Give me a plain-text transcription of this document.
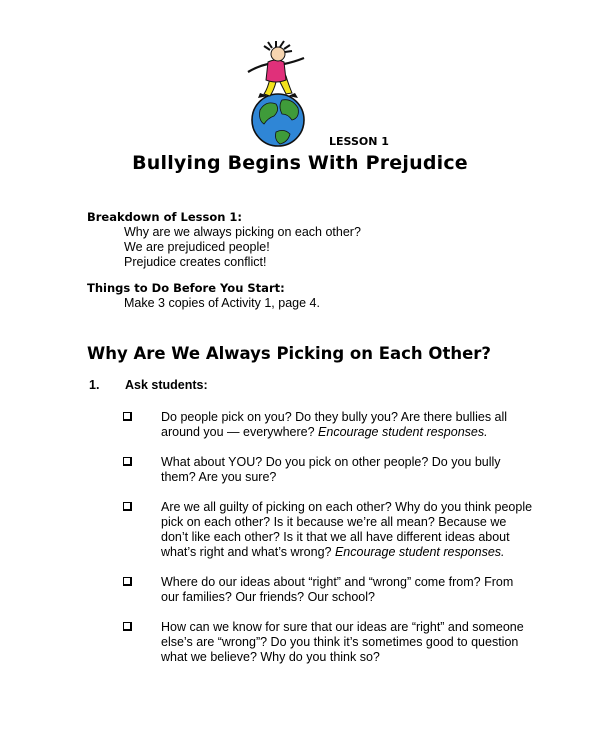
LESSON 1
Bullying Begins With Prejudice
Breakdown of Lesson 1:
Why are we always picking on each other?
We are prejudiced people!
Prejudice creates conflict!
Things to Do Before You Start:
Make 3 copies of Activity 1, page 4.
Why Are We Always Picking on Each Other?
1. Ask students:
Do people pick on you? Do they bully you? Are there bullies all
around you — everywhere? Encourage student responses.
What about YOU? Do you pick on other people? Do you bully
them? Are you sure?
Are we all guilty of picking on each other? Why do you think people
pick on each other? Is it because we’re all mean? Because we
don’t like each other? Is it that we all have different ideas about
what’s right and what’s wrong? Encourage student responses.
Where do our ideas about “right” and “wrong” come from? From
our families? Our friends? Our school?
How can we know for sure that our ideas are “right” and someone
else’s are “wrong”? Do you think it’s sometimes good to question
what we believe? Why do you think so?
